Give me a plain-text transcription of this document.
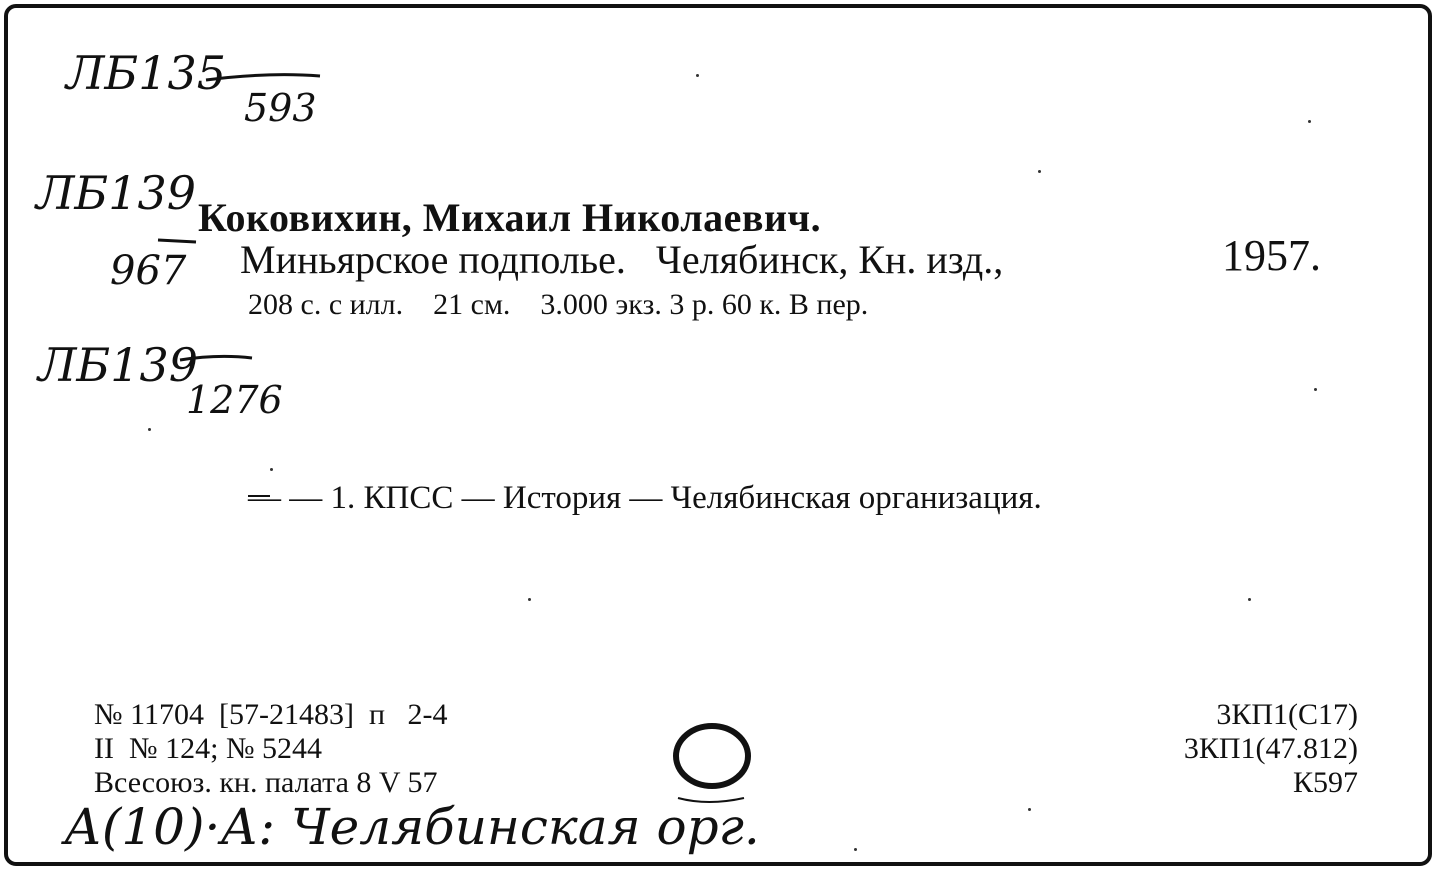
ЛБ135
593
ЛБ139
967
ЛБ139
1276
Коковихин, Михаил Николаевич.
Миньярское подполье.   Челябинск, Кн. изд.,	1957.
208 с. с илл.    21 см.    3.000 экз. 3 р. 60 к. В пер.
— — 1. КПСС — История — Челябинская организация.
№ 11704  [57-21483]  п   2-4
II  № 124; № 5244
Всесоюз. кн. палата 8 V 57
3КП1(С17)
3КП1(47.812)
К597
А(10)·А: Челябинская орг.
